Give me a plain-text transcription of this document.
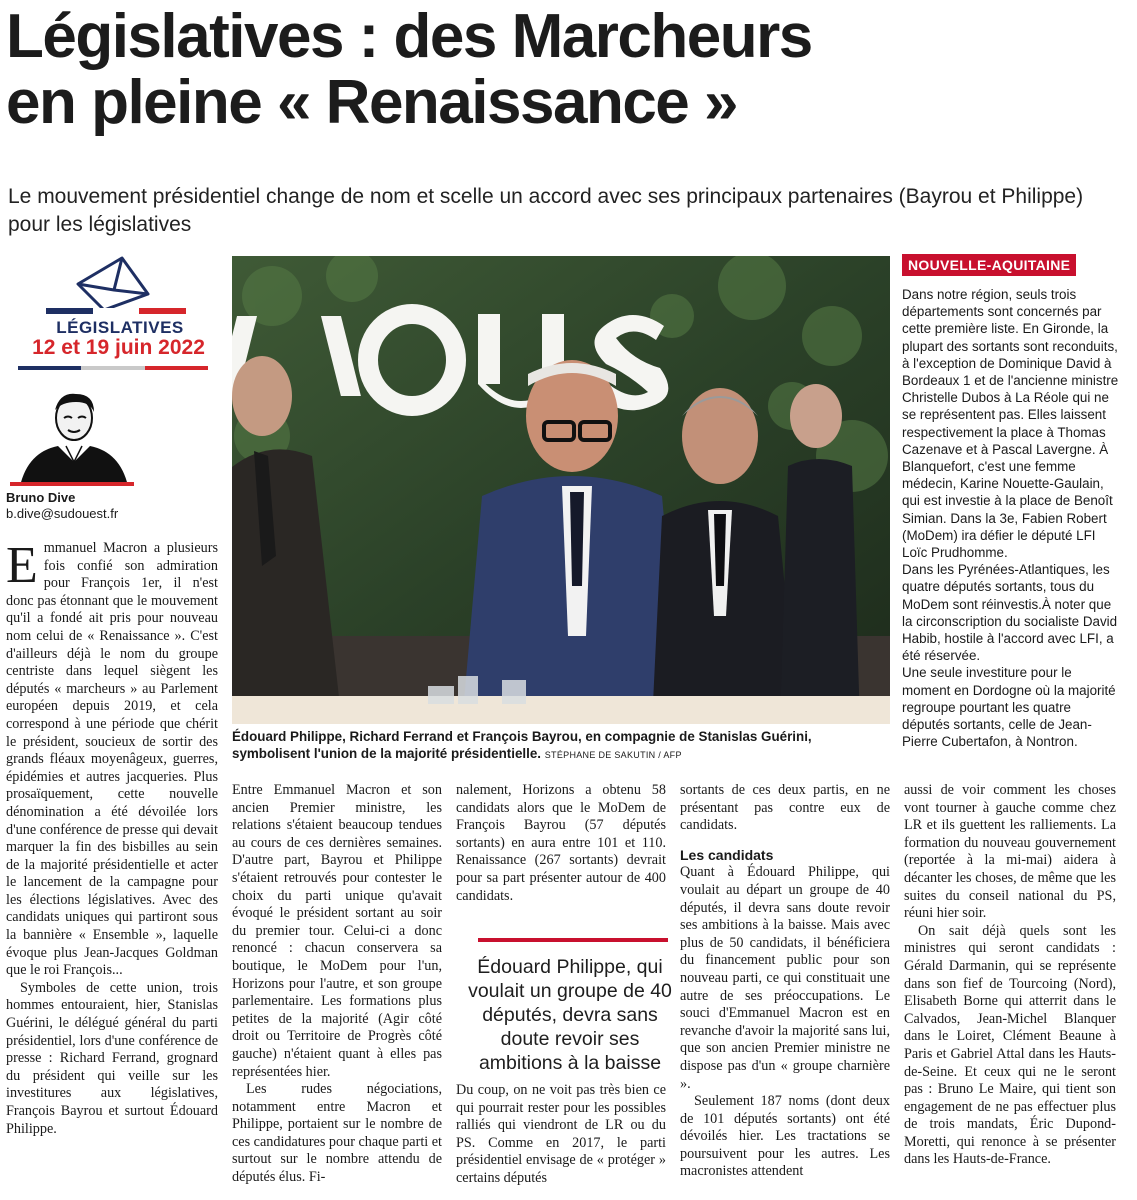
Législatives : des Marcheurs
en pleine « Renaissance »
Le mouvement présidentiel change de nom et scelle un accord avec ses principaux partenaires (Bayrou et Philippe) pour les législatives
LÉGISLATIVES
12 et 19 juin 2022
Bruno Dive
b.dive@sudouest.fr

Emmanuel Macron a plusieurs fois confié son admiration pour François 1er, il n'est donc pas étonnant que le mouvement qu'il a fondé ait pris pour nouveau nom celui de « Renaissance ». C'est d'ailleurs déjà le nom du groupe centriste dans lequel siègent les députés « marcheurs » au Parlement européen depuis 2019, et cela correspond à une période que chérit le président, soucieux de sortir des grands fléaux moyenâgeux, guerres, épidémies et autres jacqueries. Plus prosaïquement, cette nouvelle dénomination a été dévoilée lors d'une conférence de presse qui devait marquer la fin des bisbilles au sein de la majorité présidentielle et acter le lancement de la campagne pour les élections législatives. Avec des candidats uniques qui partiront sous la bannière « Ensemble », laquelle évoque plus Jean-Jacques Goldman que le roi François...

Symboles de cette union, trois hommes entouraient, hier, Stanislas Guérini, le délégué général du parti présidentiel, lors d'une conférence de presse : Richard Ferrand, grognard du président qui veille sur les investitures aux législatives, François Bayrou et surtout Édouard Philippe.

Édouard Philippe, Richard Ferrand et François Bayrou, en compagnie de Stanislas Guérini, symbolisent l'union de la majorité présidentielle. STÉPHANE DE SAKUTIN / AFP
NOUVELLE-AQUITAINE

Dans notre région, seuls trois départements sont concernés par cette première liste. En Gironde, la plupart des sortants sont reconduits, à l'exception de Dominique David à Bordeaux 1 et de l'ancienne ministre Christelle Dubos à La Réole qui ne se représentent pas. Elles laissent respectivement la place à Thomas Cazenave et à Pascal Lavergne. À Blanquefort, c'est une femme médecin, Karine Nouette-Gaulain, qui est investie à la place de Benoît Simian. Dans la 3e, Fabien Robert (MoDem) ira défier le député LFI Loïc Prudhomme.

Dans les Pyrénées-Atlantiques, les quatre députés sortants, tous du MoDem sont réinvestis.À noter que la circonscription du socialiste David Habib, hostile à l'accord avec LFI, a été réservée.

Une seule investiture pour le moment en Dordogne où la majorité regroupe pourtant les quatre députés sortants, celle de Jean-Pierre Cubertafon, à Nontron.

Entre Emmanuel Macron et son ancien Premier ministre, les relations s'étaient beaucoup tendues au cours de ces dernières semaines. D'autre part, Bayrou et Philippe s'étaient retrouvés pour contester le choix du parti unique qu'avait évoqué le président sortant au soir du premier tour. Celui-ci a donc renoncé : chacun conservera sa boutique, le MoDem pour l'un, Horizons pour l'autre, et son groupe parlementaire. Les formations plus petites de la majorité (Agir côté droit ou Territoire de Progrès côté gauche) n'étaient quant à elles pas représentées hier.

Les rudes négociations, notamment entre Macron et Philippe, portaient sur le nombre de ces candidatures pour chaque parti et surtout sur le nombre attendu de députés élus. Fi-

nalement, Horizons a obtenu 58 candidats alors que le MoDem de François Bayrou (57 députés sortants) en aura entre 101 et 110. Renaissance (267 sortants) devrait pour sa part présenter autour de 400 candidats.

Édouard Philippe, qui voulait un groupe de 40 députés, devra sans doute revoir ses ambitions à la baisse

Du coup, on ne voit pas très bien ce qui pourrait rester pour les possibles ralliés qui viendront de LR ou du PS. Comme en 2017, le parti présidentiel envisage de « protéger » certains députés

sortants de ces deux partis, en ne présentant pas contre eux de candidats.

Les candidats

Quant à Édouard Philippe, qui voulait au départ un groupe de 40 députés, il devra sans doute revoir ses ambitions à la baisse. Mais avec plus de 50 candidats, il bénéficiera du financement public pour son nouveau parti, ce qui constituait une autre de ses préoccupations. Le souci d'Emmanuel Macron est en revanche d'avoir la majorité sans lui, que son ancien Premier ministre ne dispose pas d'un « groupe charnière ».

Seulement 187 noms (dont deux de 101 députés sortants) ont été dévoilés hier. Les tractations se poursuivent pour les autres. Les macronistes attendent

aussi de voir comment les choses vont tourner à gauche comme chez LR et ils guettent les ralliements. La formation du nouveau gouvernement (reportée à la mi-mai) aidera à décanter les choses, de même que les suites du conseil national du PS, réuni hier soir.

On sait déjà quels sont les ministres qui seront candidats : Gérald Darmanin, qui se représente dans son fief de Tourcoing (Nord), Elisabeth Borne qui atterrit dans le Calvados, Jean-Michel Blanquer dans le Loiret, Clément Beaune à Paris et Gabriel Attal dans les Hauts-de-Seine. Et ceux qui ne le seront pas : Bruno Le Maire, qui tient son engagement de ne pas effectuer plus de trois mandats, Éric Dupond-Moretti, qui renonce à se présenter dans les Hauts-de-France.
